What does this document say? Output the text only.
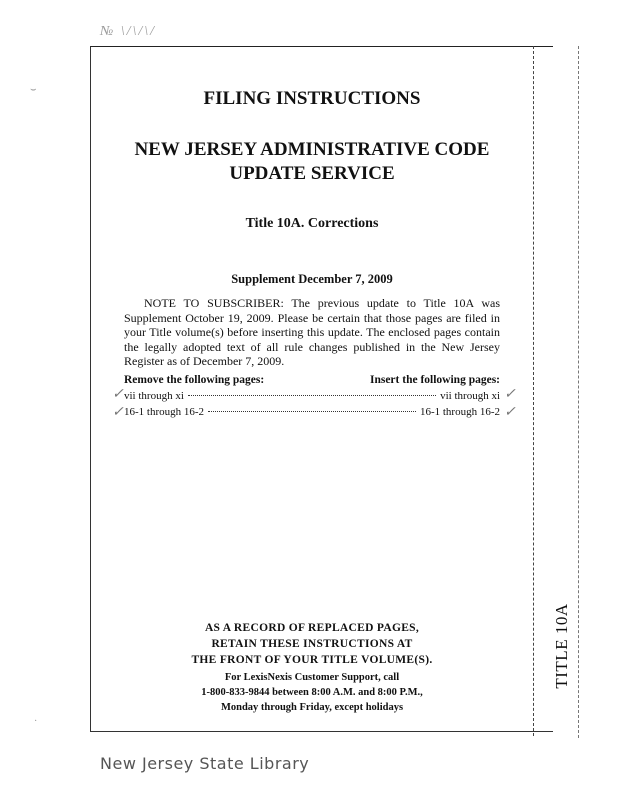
№ \/\/\/
TITLE 10A
FILING INSTRUCTIONS
NEW JERSEY ADMINISTRATIVE CODE
UPDATE SERVICE
Title 10A. Corrections
Supplement December 7, 2009
NOTE TO SUBSCRIBER: The previous update to Title 10A was Supplement October 19, 2009. Please be certain that those pages are filed in your Title volume(s) before inserting this update. The enclosed pages contain the legally adopted text of all rule changes published in the New Jersey Register as of December 7, 2009.
Remove the following pages:	Insert the following pages:
vii through xi	vii through xi
16-1 through 16-2	16-1 through 16-2
✓
✓
✓
✓
AS A RECORD OF REPLACED PAGES,
RETAIN THESE INSTRUCTIONS AT
THE FRONT OF YOUR TITLE VOLUME(S).
For LexisNexis Customer Support, call
1-800-833-9844 between 8:00 A.M. and 8:00 P.M.,
Monday through Friday, except holidays
⌣
·
New Jersey State Library
